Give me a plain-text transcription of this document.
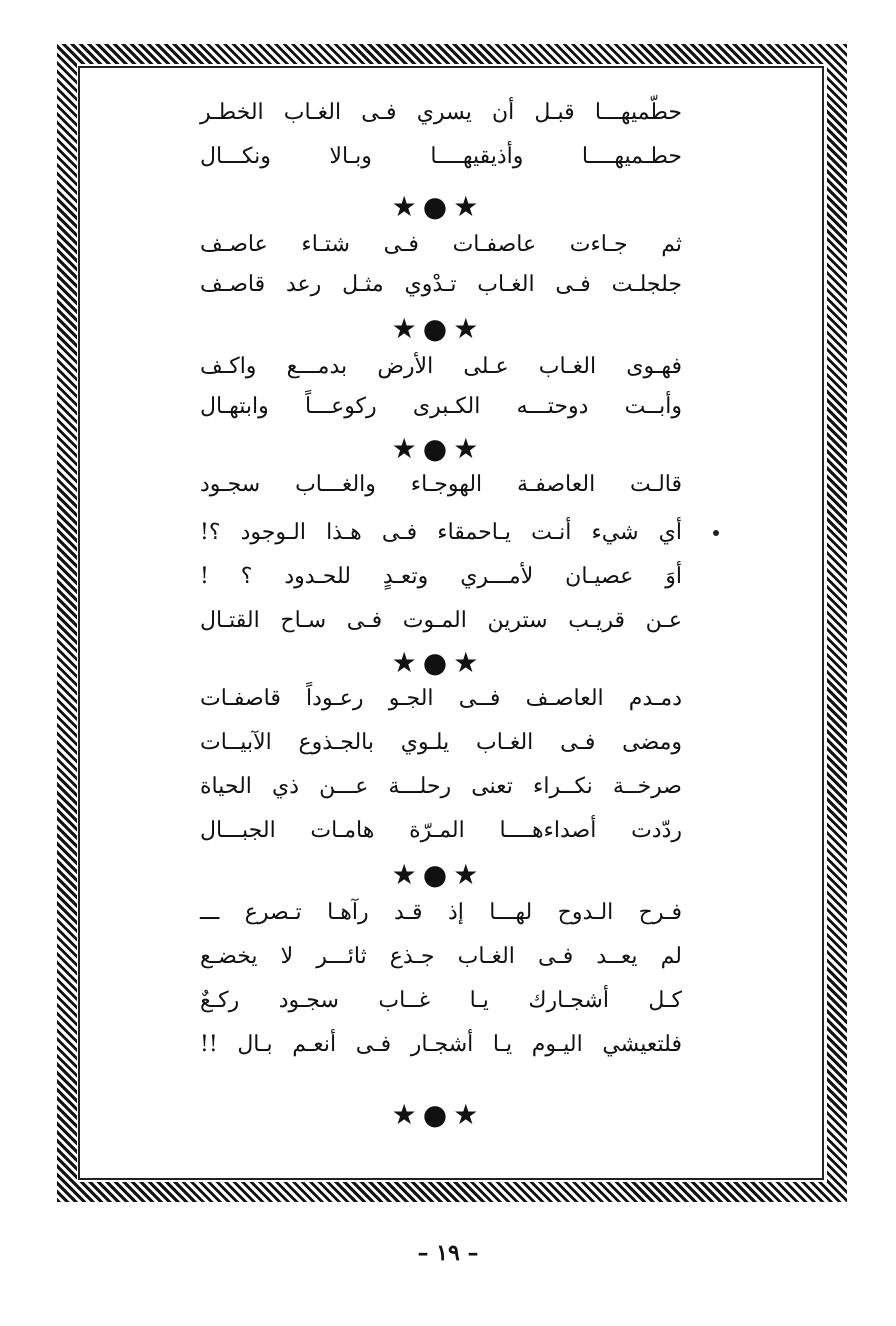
حطّميهـــا قبـل أن يسري فـى الغـاب الخطـر
حطـميهــــا وأذيقيهــــا وبـالا ونكـــال
★●★
ثم جـاءت عاصفـات فـى شتـاء عاصـف
جلجلـت فـى الغـاب تـدْوي مثـل رعد قاصـف
★●★
فهـوى الغـاب عـلى الأرض بدمـــع واكـف
وأبــت دوحتـــه الكـبرى ركوعـــاً وابتهـال
★●★
قالـت العاصفـة الهوجـاء والغـــاب سجـود
أي شيء أنـت يـاحمقاء فـى هـذا الـوجود ؟!
أوَ عصيـان لأمـــري وتعـدٍ للحـدود ؟ !
عـن قريـب سترين المـوت فـى سـاح القتـال
★●★
دمـدم العاصـف فــى الجـو رعـوداً قاصفـات
ومضى فـى الغـاب يلـوي بالجـذوع الآبيــات
صرخــة نكــراء تعنى رحلـــة عـــن ذي الحياة
ردّدت أصداءهــــا المـرّة هامـات الجبـــال
★●★
فـرح الـدوح لهـــا إذ قـد رآهـا تـصرع ـــ
لم يعــد فـى الغـاب جـذع ثائـــر لا يخضـع
كـل أشجـارك يـا غــاب سجـود ركـعٌ
فلتعيشي اليـوم يـا أشجـار فـى أنعـم بـال !!
★●★
– ١٩ –
